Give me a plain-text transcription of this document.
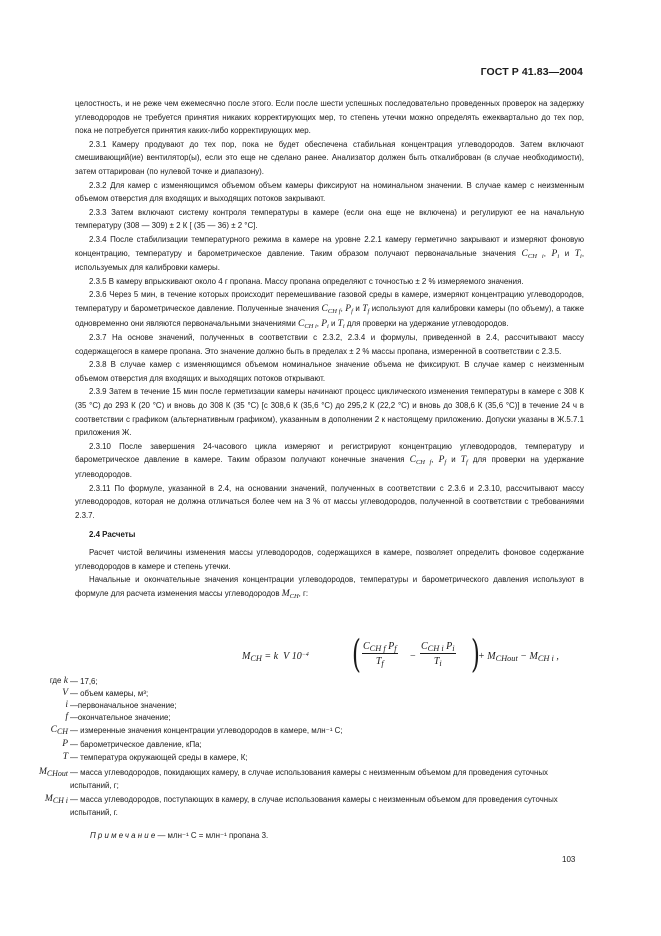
ГОСТ Р 41.83—2004

целостность, и не реже чем ежемесячно после этого. Если после шести успешных последовательно проведенных проверок на задержку углеводородов не требуется принятия никаких корректирующих мер, то степень утечки можно определять ежеквартально до тех пор, пока не потребуется принятия каких-либо корректирующих мер.

2.3.1 Камеру продувают до тех пор, пока не будет обеспечена стабильная концентрация углеводородов. Затем включают смешивающий(ие) вентилятор(ы), если это еще не сделано ранее. Анализатор должен быть откалиброван (в случае необходимости), затем оттарирован (по нулевой точке и диапазону).

2.3.2 Для камер с изменяющимся объемом объем камеры фиксируют на номинальном значении. В случае камер с неизменным объемом отверстия для входящих и выходящих потоков закрывают.

2.3.3 Затем включают систему контроля температуры в камере (если она еще не включена) и регулируют ее на начальную температуру (308 — 309) ± 2 К [ (35 — 36) ± 2 °С].

2.3.4 После стабилизации температурного режима в камере на уровне 2.2.1 камеру герметично закрывают и измеряют фоновую концентрацию, температуру и барометрическое давление. Таким образом получают первоначальные значения $C_{CH i}$, $P_i$ и $T_i$, используемых для калибровки камеры.

2.3.5 В камеру впрыскивают около 4 г пропана. Массу пропана определяют с точностью ± 2 % измеряемого значения.

2.3.6 Через 5 мин, в течение которых происходит перемешивание газовой среды в камере, измеряют концентрацию углеводородов, температуру и барометрическое давление. Полученные значения $C_{CH f}$, $P_f$ и $T_f$ используют для калибровки камеры (по объему), а также одновременно они являются первоначальными значениями $C_{CH i}$, $P_i$ и $T_i$ для проверки на удержание углеводородов.

2.3.7 На основе значений, полученных в соответствии с 2.3.2, 2.3.4 и формулы, приведенной в 2.4, рассчитывают массу содержащегося в камере пропана. Это значение должно быть в пределах ± 2 % массы пропана, измеренной в соответствии с 2.3.5.

2.3.8 В случае камер с изменяющимся объемом номинальное значение объема не фиксируют. В случае камер с неизменным объемом отверстия для входящих и выходящих потоков открывают.

2.3.9 Затем в течение 15 мин после герметизации камеры начинают процесс циклического изменения температуры в камере с 308 К (35 °С) до 293 К (20 °С) и вновь до 308 К (35 °С) [с 308,6 К (35,6 °С) до 295,2 К (22,2 °С) и вновь до 308,6 К (35,6 °С)] в течение 24 ч в соответствии с графиком (альтернативным графиком), указанным в дополнении 2 к настоящему приложению. Допуски указаны в Ж.5.7.1 приложения Ж.

2.3.10 После завершения 24-часового цикла измеряют и регистрируют концентрацию углеводородов, температуру и барометрическое давление в камере. Таким образом получают конечные значения $C_{CH f}$, $P_f$ и $T_f$ для проверки на удержание углеводородов.

2.3.11 По формуле, указанной в 2.4, на основании значений, полученных в соответствии с 2.3.6 и 2.3.10, рассчитывают массу углеводородов, которая не должна отличаться более чем на 3 % от массы углеводородов, полученной в соответствии с требованиями 2.3.7.

2.4 Расчеты

Расчет чистой величины изменения массы углеводородов, содержащихся в камере, позволяет определить фоновое содержание углеводородов в камере и степень утечки.

Начальные и окончательные значения концентрации углеводородов, температуры и барометрического давления используют в формуле для расчета изменения массы углеводородов $M_{CH}$, г:

$M_{CH} = k$  V $10^{-4}$ ( $C_{CH f}$ $P_f$
$T_f$
−
$C_{CH i}$ $P_i$
$T_i$ )
+ $M_{CHout} - M_{CH i}$ ,
где k — 17,6;
V — объем камеры, м³;
i —первоначальное значение;
f —окончательное значение;
$C_{CH}$ — измеренные значения концентрации углеводородов в камере, млн⁻¹ С;
P — барометрическое давление, кПа;
T — температура окружающей среды в камере, К;
$M_{CHout}$ — масса углеводородов, покидающих камеру, в случае использования камеры с неизменным объемом для проведения суточных испытаний, г;
$M_{CH i}$ — масса углеводородов, поступающих в камеру, в случае использования камеры с неизменным объемом для проведения суточных испытаний, г.
Примечание— млн⁻¹ С = млн⁻¹ пропана 3.
103
